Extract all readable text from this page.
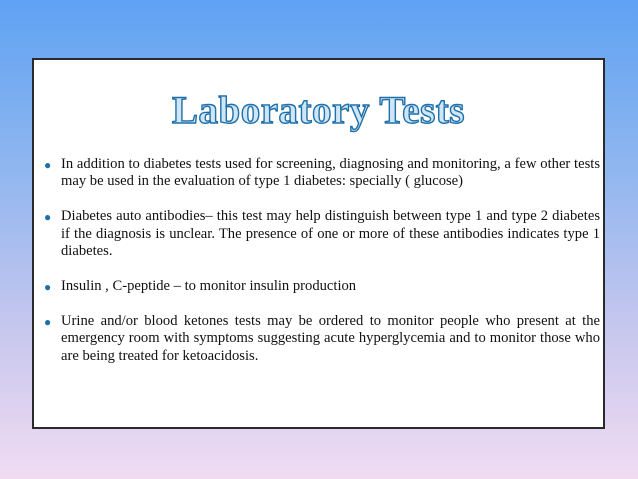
Laboratory Tests
● In addition to diabetes tests used for screening, diagnosing and monitoring, a few other tests may be used in the evaluation of type 1 diabetes: specially ( glucose)
● Diabetes auto antibodies– this test may help distinguish between type 1 and type 2 diabetes if the diagnosis is unclear. The presence of one or more of these antibodies indicates type 1 diabetes.
● Insulin , C-peptide – to monitor insulin production
● Urine and/or blood ketones tests may be ordered to monitor people who present at the emergency room with symptoms suggesting acute hyperglycemia and to monitor those who are being treated for ketoacidosis.
